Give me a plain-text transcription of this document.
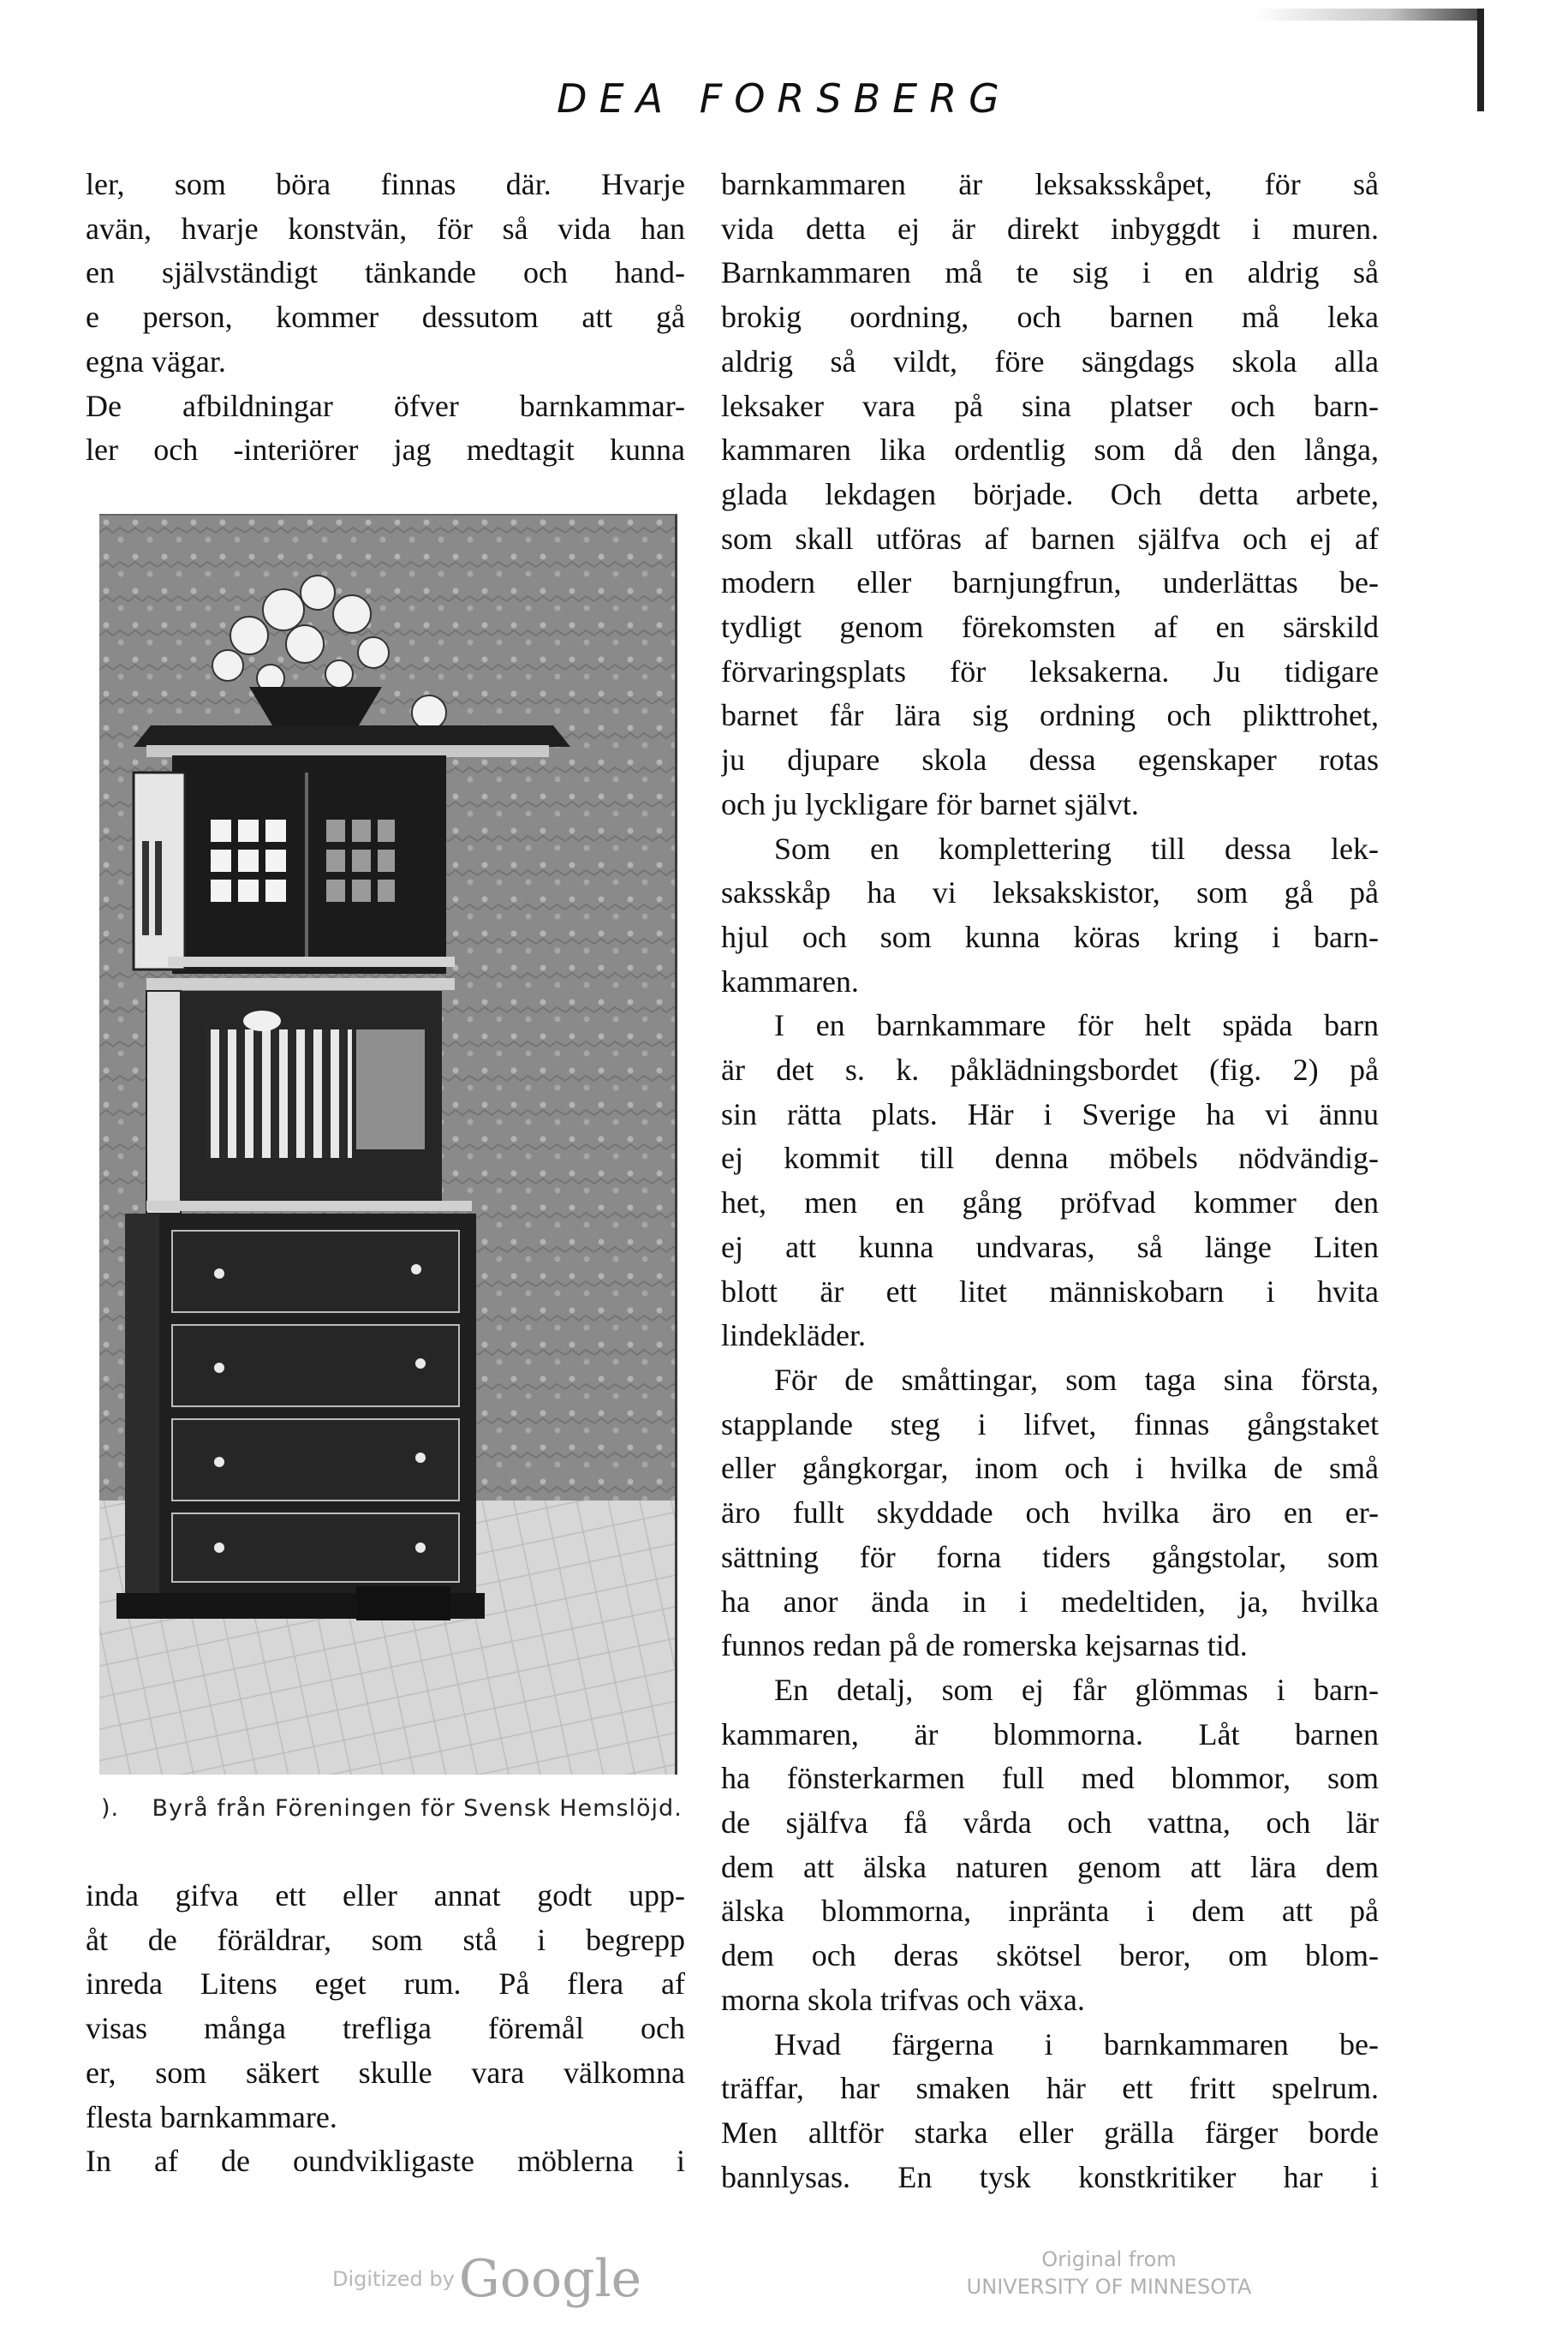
DEA FORSBERG
ler, som böra finnas där. Hvarje
avän, hvarje konstvän, för så vida han
en självständigt tänkande och hand-
e person, kommer dessutom att gå
egna vägar.
De afbildningar öfver barnkammar-
ler och -interiörer jag medtagit kunna
). Byrå från Föreningen för Svensk Hemslöjd.
inda gifva ett eller annat godt upp-
åt de föräldrar, som stå i begrepp
inreda Litens eget rum. På flera af
visas många trefliga föremål och
er, som säkert skulle vara välkomna
flesta barnkammare.
In af de oundvikligaste möblerna i
barnkammaren är leksaksskåpet, för så
vida detta ej är direkt inbyggdt i muren.
Barnkammaren må te sig i en aldrig så
brokig oordning, och barnen må leka
aldrig så vildt, före sängdags skola alla
leksaker vara på sina platser och barn-
kammaren lika ordentlig som då den långa,
glada lekdagen började. Och detta arbete,
som skall utföras af barnen själfva och ej af
modern eller barnjungfrun, underlättas be-
tydligt genom förekomsten af en särskild
förvaringsplats för leksakerna. Ju tidigare
barnet får lära sig ordning och plikttrohet,
ju djupare skola dessa egenskaper rotas
och ju lyckligare för barnet självt.
Som en komplettering till dessa lek-
saksskåp ha vi leksakskistor, som gå på
hjul och som kunna köras kring i barn-
kammaren.
I en barnkammare för helt späda barn
är det s. k. påklädningsbordet (fig. 2) på
sin rätta plats. Här i Sverige ha vi ännu
ej kommit till denna möbels nödvändig-
het, men en gång pröfvad kommer den
ej att kunna undvaras, så länge Liten
blott är ett litet människobarn i hvita
lindekläder.
För de småttingar, som taga sina första,
stapplande steg i lifvet, finnas gångstaket
eller gångkorgar, inom och i hvilka de små
äro fullt skyddade och hvilka äro en er-
sättning för forna tiders gångstolar, som
ha anor ända in i medeltiden, ja, hvilka
funnos redan på de romerska kejsarnas tid.
En detalj, som ej får glömmas i barn-
kammaren, är blommorna. Låt barnen
ha fönsterkarmen full med blommor, som
de själfva få vårda och vattna, och lär
dem att älska naturen genom att lära dem
älska blommorna, inpränta i dem att på
dem och deras skötsel beror, om blom-
morna skola trifvas och växa.
Hvad färgerna i barnkammaren be-
träffar, har smaken här ett fritt spelrum.
Men alltför starka eller grälla färger borde
bannlysas. En tysk konstkritiker har i
Digitized by Google	Original from
UNIVERSITY OF MINNESOTA
